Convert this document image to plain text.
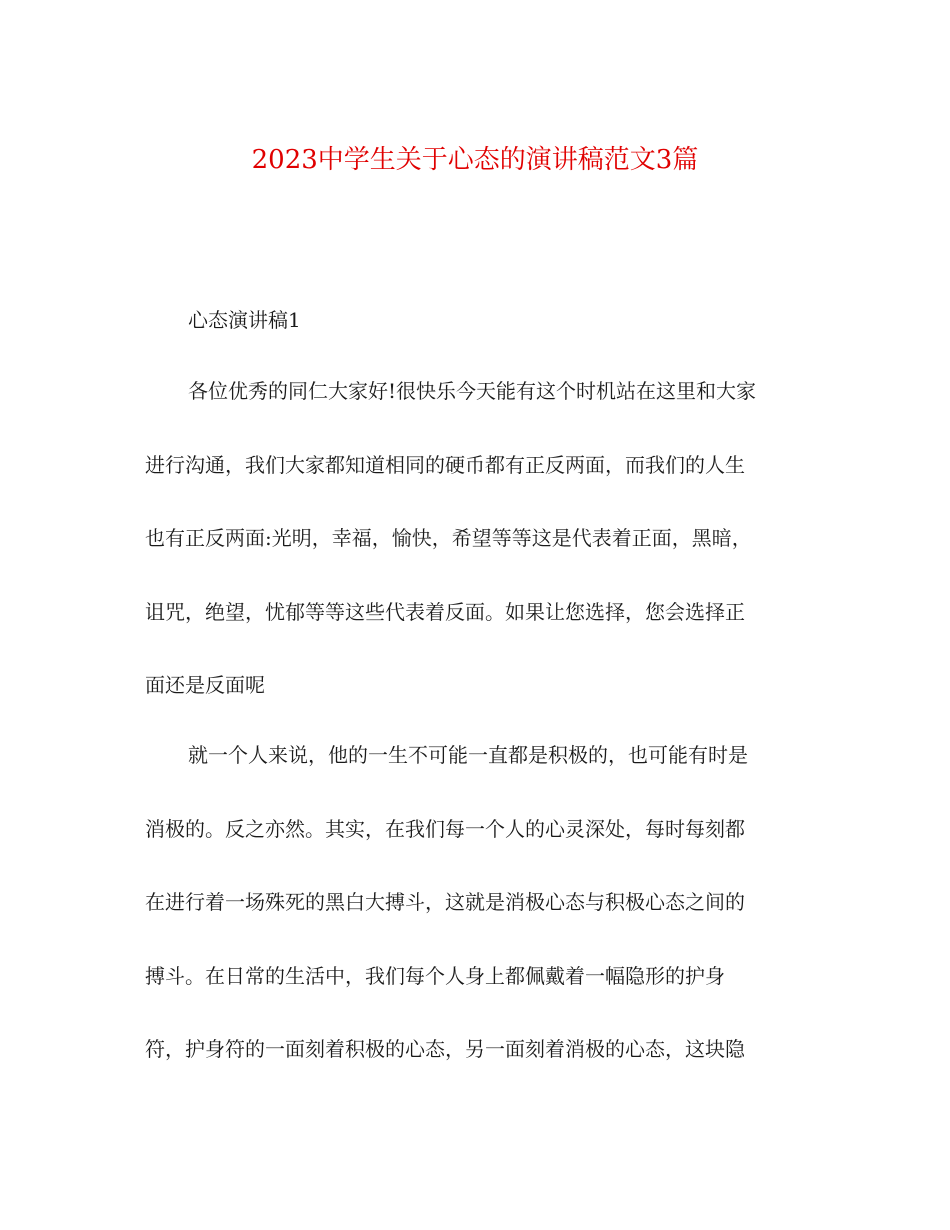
2023中学生关于心态的演讲稿范文3篇
心态演讲稿1
各位优秀的同仁大家好!很快乐今天能有这个时机站在这里和大家
进行沟通，我们大家都知道相同的硬币都有正反两面，而我们的人生
也有正反两面:光明，幸福，愉快，希望等等这是代表着正面，黑暗，
诅咒，绝望，忧郁等等这些代表着反面。如果让您选择，您会选择正
面还是反面呢
就一个人来说，他的一生不可能一直都是积极的，也可能有时是
消极的。反之亦然。其实，在我们每一个人的心灵深处，每时每刻都
在进行着一场殊死的黑白大搏斗，这就是消极心态与积极心态之间的
搏斗。在日常的生活中，我们每个人身上都佩戴着一幅隐形的护身
符，护身符的一面刻着积极的心态，另一面刻着消极的心态，这块隐
